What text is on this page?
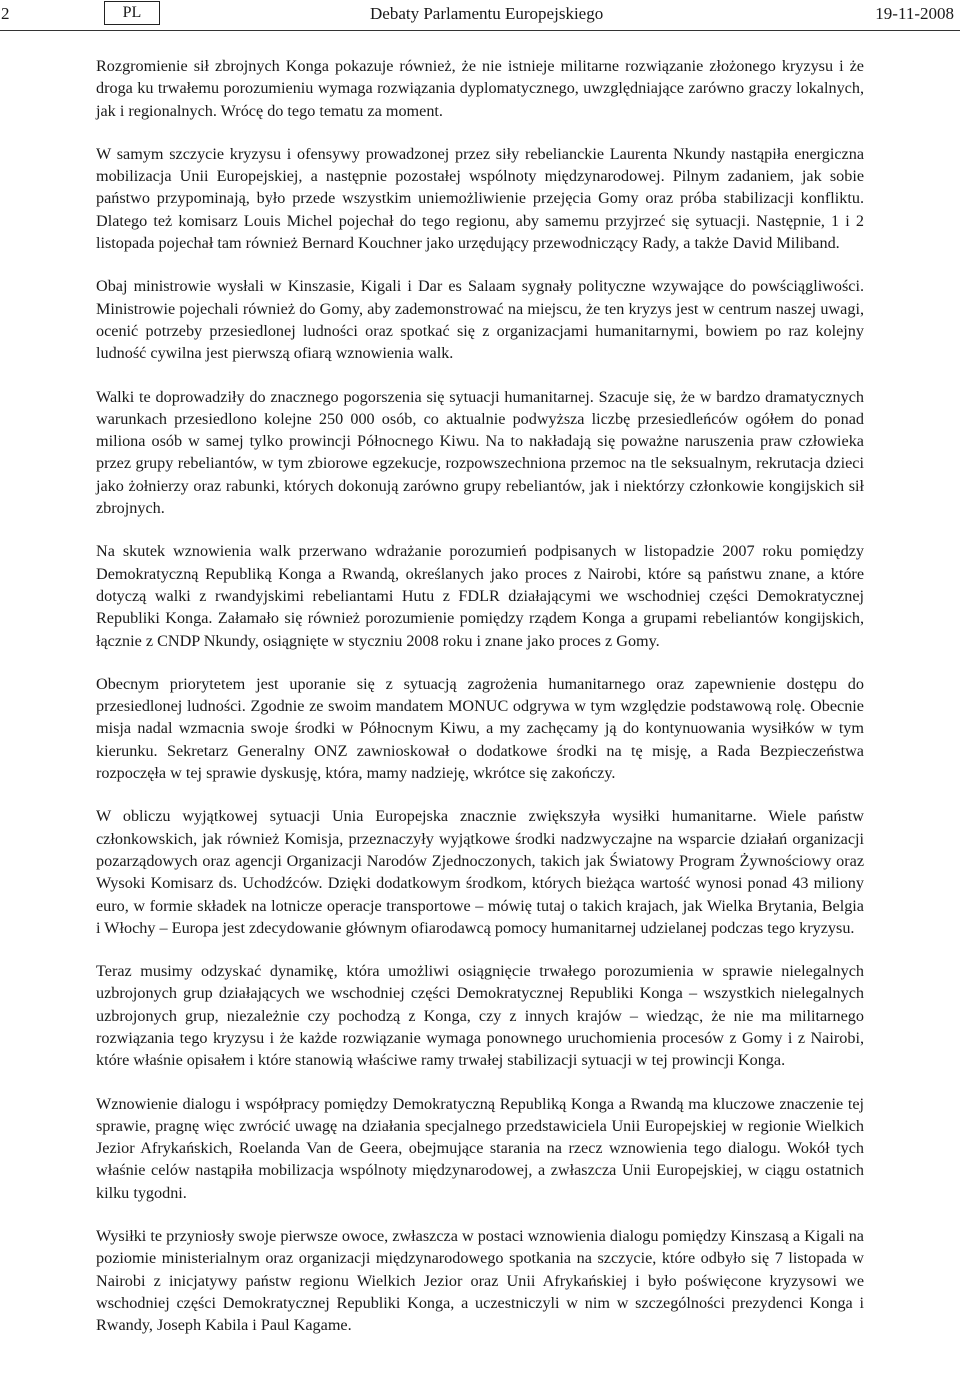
2	PL	Debaty Parlamentu Europejskiego	19-11-2008

Rozgromienie sił zbrojnych Konga pokazuje również, że nie istnieje militarne rozwiązanie złożonego kryzysu i że droga ku trwałemu porozumieniu wymaga rozwiązania dyplomatycznego, uwzględniające zarówno graczy lokalnych, jak i regionalnych. Wrócę do tego tematu za moment.

W samym szczycie kryzysu i ofensywy prowadzonej przez siły rebelianckie Laurenta Nkundy nastąpiła energiczna mobilizacja Unii Europejskiej, a następnie pozostałej wspólnoty międzynarodowej. Pilnym zadaniem, jak sobie państwo przypominają, było przede wszystkim uniemożliwienie przejęcia Gomy oraz próba stabilizacji konfliktu. Dlatego też komisarz Louis Michel pojechał do tego regionu, aby samemu przyjrzeć się sytuacji. Następnie, 1 i 2 listopada pojechał tam również Bernard Kouchner jako urzędujący przewodniczący Rady, a także David Miliband.

Obaj ministrowie wysłali w Kinszasie, Kigali i Dar es Salaam sygnały polityczne wzywające do powściągliwości. Ministrowie pojechali również do Gomy, aby zademonstrować na miejscu, że ten kryzys jest w centrum naszej uwagi, ocenić potrzeby przesiedlonej ludności oraz spotkać się z organizacjami humanitarnymi, bowiem po raz kolejny ludność cywilna jest pierwszą ofiarą wznowienia walk.

Walki te doprowadziły do znacznego pogorszenia się sytuacji humanitarnej. Szacuje się, że w bardzo dramatycznych warunkach przesiedlono kolejne 250 000 osób, co aktualnie podwyższa liczbę przesiedleńców ogółem do ponad miliona osób w samej tylko prowincji Północnego Kiwu. Na to nakładają się poważne naruszenia praw człowieka przez grupy rebeliantów, w tym zbiorowe egzekucje, rozpowszechniona przemoc na tle seksualnym, rekrutacja dzieci jako żołnierzy oraz rabunki, których dokonują zarówno grupy rebeliantów, jak i niektórzy członkowie kongijskich sił zbrojnych.

Na skutek wznowienia walk przerwano wdrażanie porozumień podpisanych w listopadzie 2007 roku pomiędzy Demokratyczną Republiką Konga a Rwandą, określanych jako proces z Nairobi, które są państwu znane, a które dotyczą walki z rwandyjskimi rebeliantami Hutu z FDLR działającymi we wschodniej części Demokratycznej Republiki Konga. Załamało się również porozumienie pomiędzy rządem Konga a grupami rebeliantów kongijskich, łącznie z CNDP Nkundy, osiągnięte w styczniu 2008 roku i znane jako proces z Gomy.

Obecnym priorytetem jest uporanie się z sytuacją zagrożenia humanitarnego oraz zapewnienie dostępu do przesiedlonej ludności. Zgodnie ze swoim mandatem MONUC odgrywa w tym względzie podstawową rolę. Obecnie misja nadal wzmacnia swoje środki w Północnym Kiwu, a my zachęcamy ją do kontynuowania wysiłków w tym kierunku. Sekretarz Generalny ONZ zawnioskował o dodatkowe środki na tę misję, a Rada Bezpieczeństwa rozpoczęła w tej sprawie dyskusję, która, mamy nadzieję, wkrótce się zakończy.

W obliczu wyjątkowej sytuacji Unia Europejska znacznie zwiększyła wysiłki humanitarne. Wiele państw członkowskich, jak również Komisja, przeznaczyły wyjątkowe środki nadzwyczajne na wsparcie działań organizacji pozarządowych oraz agencji Organizacji Narodów Zjednoczonych, takich jak Światowy Program Żywnościowy oraz Wysoki Komisarz ds. Uchodźców. Dzięki dodatkowym środkom, których bieżąca wartość wynosi ponad 43 miliony euro, w formie składek na lotnicze operacje transportowe – mówię tutaj o takich krajach, jak Wielka Brytania, Belgia i Włochy – Europa jest zdecydowanie głównym ofiarodawcą pomocy humanitarnej udzielanej podczas tego kryzysu.

Teraz musimy odzyskać dynamikę, która umożliwi osiągnięcie trwałego porozumienia w sprawie nielegalnych uzbrojonych grup działających we wschodniej części Demokratycznej Republiki Konga – wszystkich nielegalnych uzbrojonych grup, niezależnie czy pochodzą z Konga, czy z innych krajów – wiedząc, że nie ma militarnego rozwiązania tego kryzysu i że każde rozwiązanie wymaga ponownego uruchomienia procesów z Gomy i z Nairobi, które właśnie opisałem i które stanowią właściwe ramy trwałej stabilizacji sytuacji w tej prowincji Konga.

Wznowienie dialogu i współpracy pomiędzy Demokratyczną Republiką Konga a Rwandą ma kluczowe znaczenie tej sprawie, pragnę więc zwrócić uwagę na działania specjalnego przedstawiciela Unii Europejskiej w regionie Wielkich Jezior Afrykańskich, Roelanda Van de Geera, obejmujące starania na rzecz wznowienia tego dialogu. Wokół tych właśnie celów nastąpiła mobilizacja wspólnoty międzynarodowej, a zwłaszcza Unii Europejskiej, w ciągu ostatnich kilku tygodni.

Wysiłki te przyniosły swoje pierwsze owoce, zwłaszcza w postaci wznowienia dialogu pomiędzy Kinszasą a Kigali na poziomie ministerialnym oraz organizacji międzynarodowego spotkania na szczycie, które odbyło się 7 listopada w Nairobi z inicjatywy państw regionu Wielkich Jezior oraz Unii Afrykańskiej i było poświęcone kryzysowi we wschodniej części Demokratycznej Republiki Konga, a uczestniczyli w nim w szczególności prezydenci Konga i Rwandy, Joseph Kabila i Paul Kagame.
